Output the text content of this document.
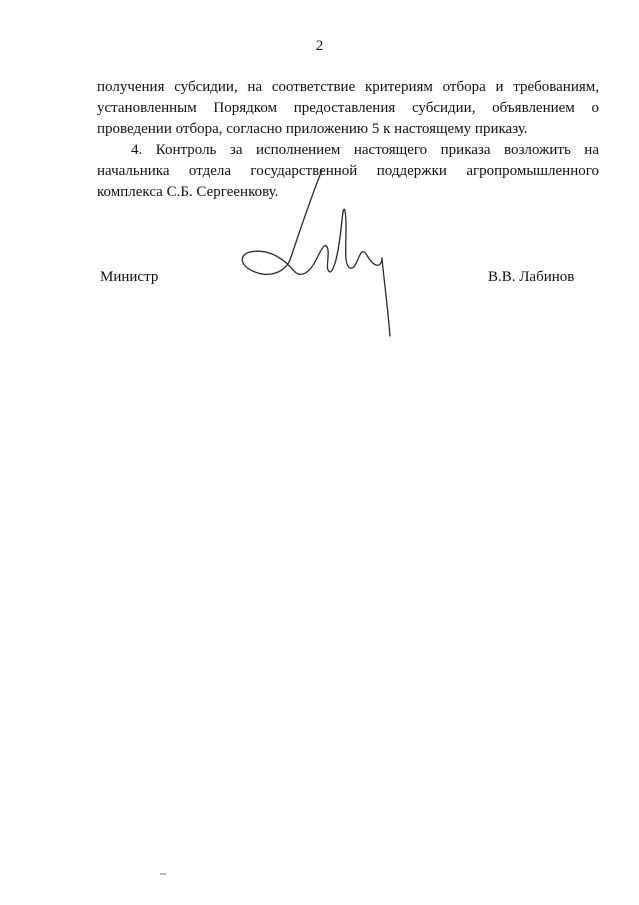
2
получения субсидии, на соответствие критериям отбора и требованиям,
установленным Порядком предоставления субсидии, объявлением о
проведении отбора, согласно приложению 5 к настоящему приказу.
4. Контроль за исполнением настоящего приказа возложить на
начальника отдела государственной поддержки агропромышленного
комплекса С.Б. Сергеенкову.
Министр	В.В. Лабинов
